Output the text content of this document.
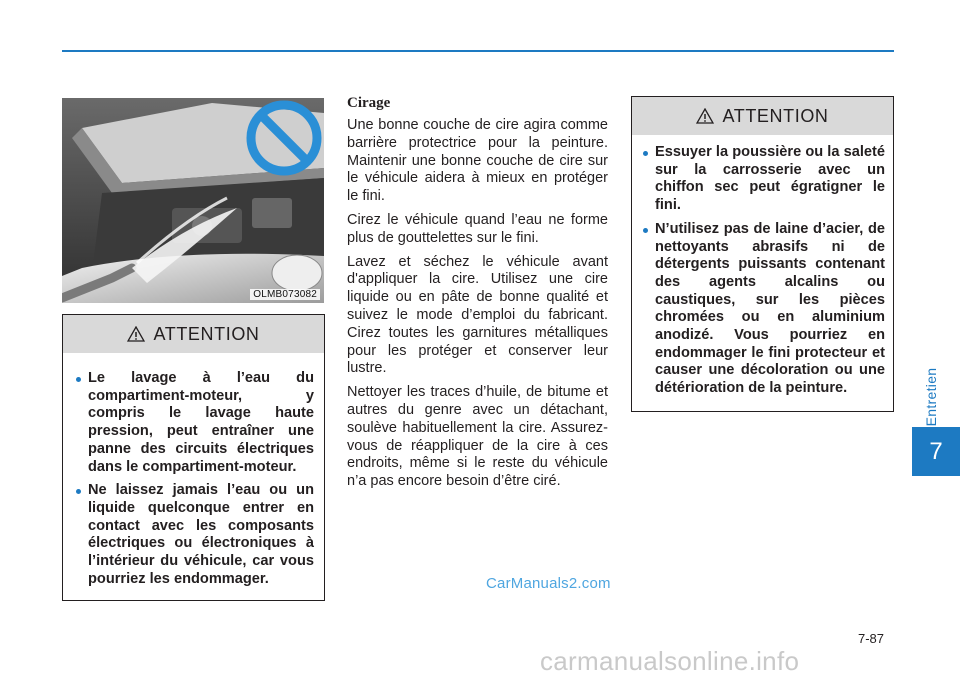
Entretien
7
OLMB073082
ATTENTION
Le lavage à l’eau du compartiment-moteur, y compris le lavage haute pression, peut entraîner une panne des circuits électriques dans le compartiment-moteur.
Ne laissez jamais l’eau ou un liquide quelconque entrer en contact avec les composants électriques ou électroniques à l’intérieur du véhicule, car vous pourriez les endommager.
Cirage

Une bonne couche de cire agira comme barrière protectrice pour la peinture. Maintenir une bonne couche de cire sur le véhicule aidera à mieux en protéger le fini.

Cirez le véhicule quand l’eau ne forme plus de gouttelettes sur le fini.

Lavez et séchez le véhicule avant d'appliquer la cire. Utilisez une cire liquide ou en pâte de bonne qualité et suivez le mode d’emploi du fabricant. Cirez toutes les garnitures métalliques pour les protéger et conserver leur lustre.

Nettoyer les traces d’huile, de bitume et autres du genre avec un détachant, soulève habituellement la cire. Assurez-vous de réappliquer de la cire à ces endroits, même si le reste du véhicule n’a pas encore besoin d’être ciré.

ATTENTION
Essuyer la poussière ou la saleté sur la carrosserie avec un chiffon sec peut égratigner le fini.
N’utilisez pas de laine d’acier, de nettoyants abrasifs ni de détergents puissants contenant des agents alcalins ou caustiques, sur les pièces chromées ou en aluminium anodizé. Vous pourriez en endommager le fini protecteur et causer une décoloration ou une détérioration de la peinture.
CarManuals2.com
7-87
carmanualsonline.info
